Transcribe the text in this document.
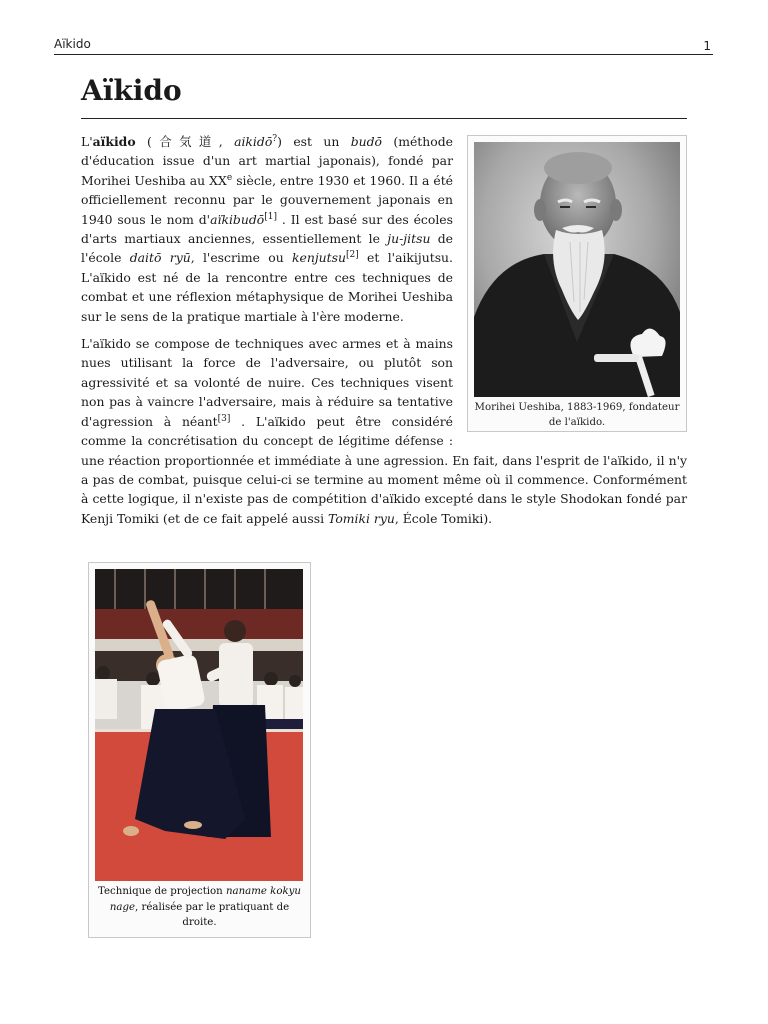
Aïkido	1
Aïkido
Morihei Ueshiba, 1883-1969, fondateur de l'aïkido.

L'aïkido (合気道, aikidō?) est un budō (méthode d'éducation issue d'un art martial japonais), fondé par Morihei Ueshiba au XXe siècle, entre 1930 et 1960. Il a été officiellement reconnu par le gouvernement japonais en 1940 sous le nom d'aïkibudō[1] . Il est basé sur des écoles d'arts martiaux anciennes, essentiellement le ju-jitsu de l'école daitō ryū, l'escrime ou kenjutsu[2] et l'aikijutsu. L'aïkido est né de la rencontre entre ces techniques de combat et une réflexion métaphysique de Morihei Ueshiba sur le sens de la pratique martiale à l'ère moderne.

L'aïkido se compose de techniques avec armes et à mains nues utilisant la force de l'adversaire, ou plutôt son agressivité et sa volonté de nuire. Ces techniques visent non pas à vaincre l'adversaire, mais à réduire sa tentative d'agression à néant[3] . L'aïkido peut être considéré comme la concrétisation du concept de légitime défense : une réaction proportionnée et immédiate à une agression. En fait, dans l'esprit de l'aïkido, il n'y a pas de combat, puisque celui-ci se termine au moment même où il commence. Conformément à cette logique, il n'existe pas de compétition d'aïkido excepté dans le style Shodokan fondé par Kenji Tomiki (et de ce fait appelé aussi Tomiki ryu, École Tomiki).

Technique de projection naname kokyu nage, réalisée par le pratiquant de droite.
